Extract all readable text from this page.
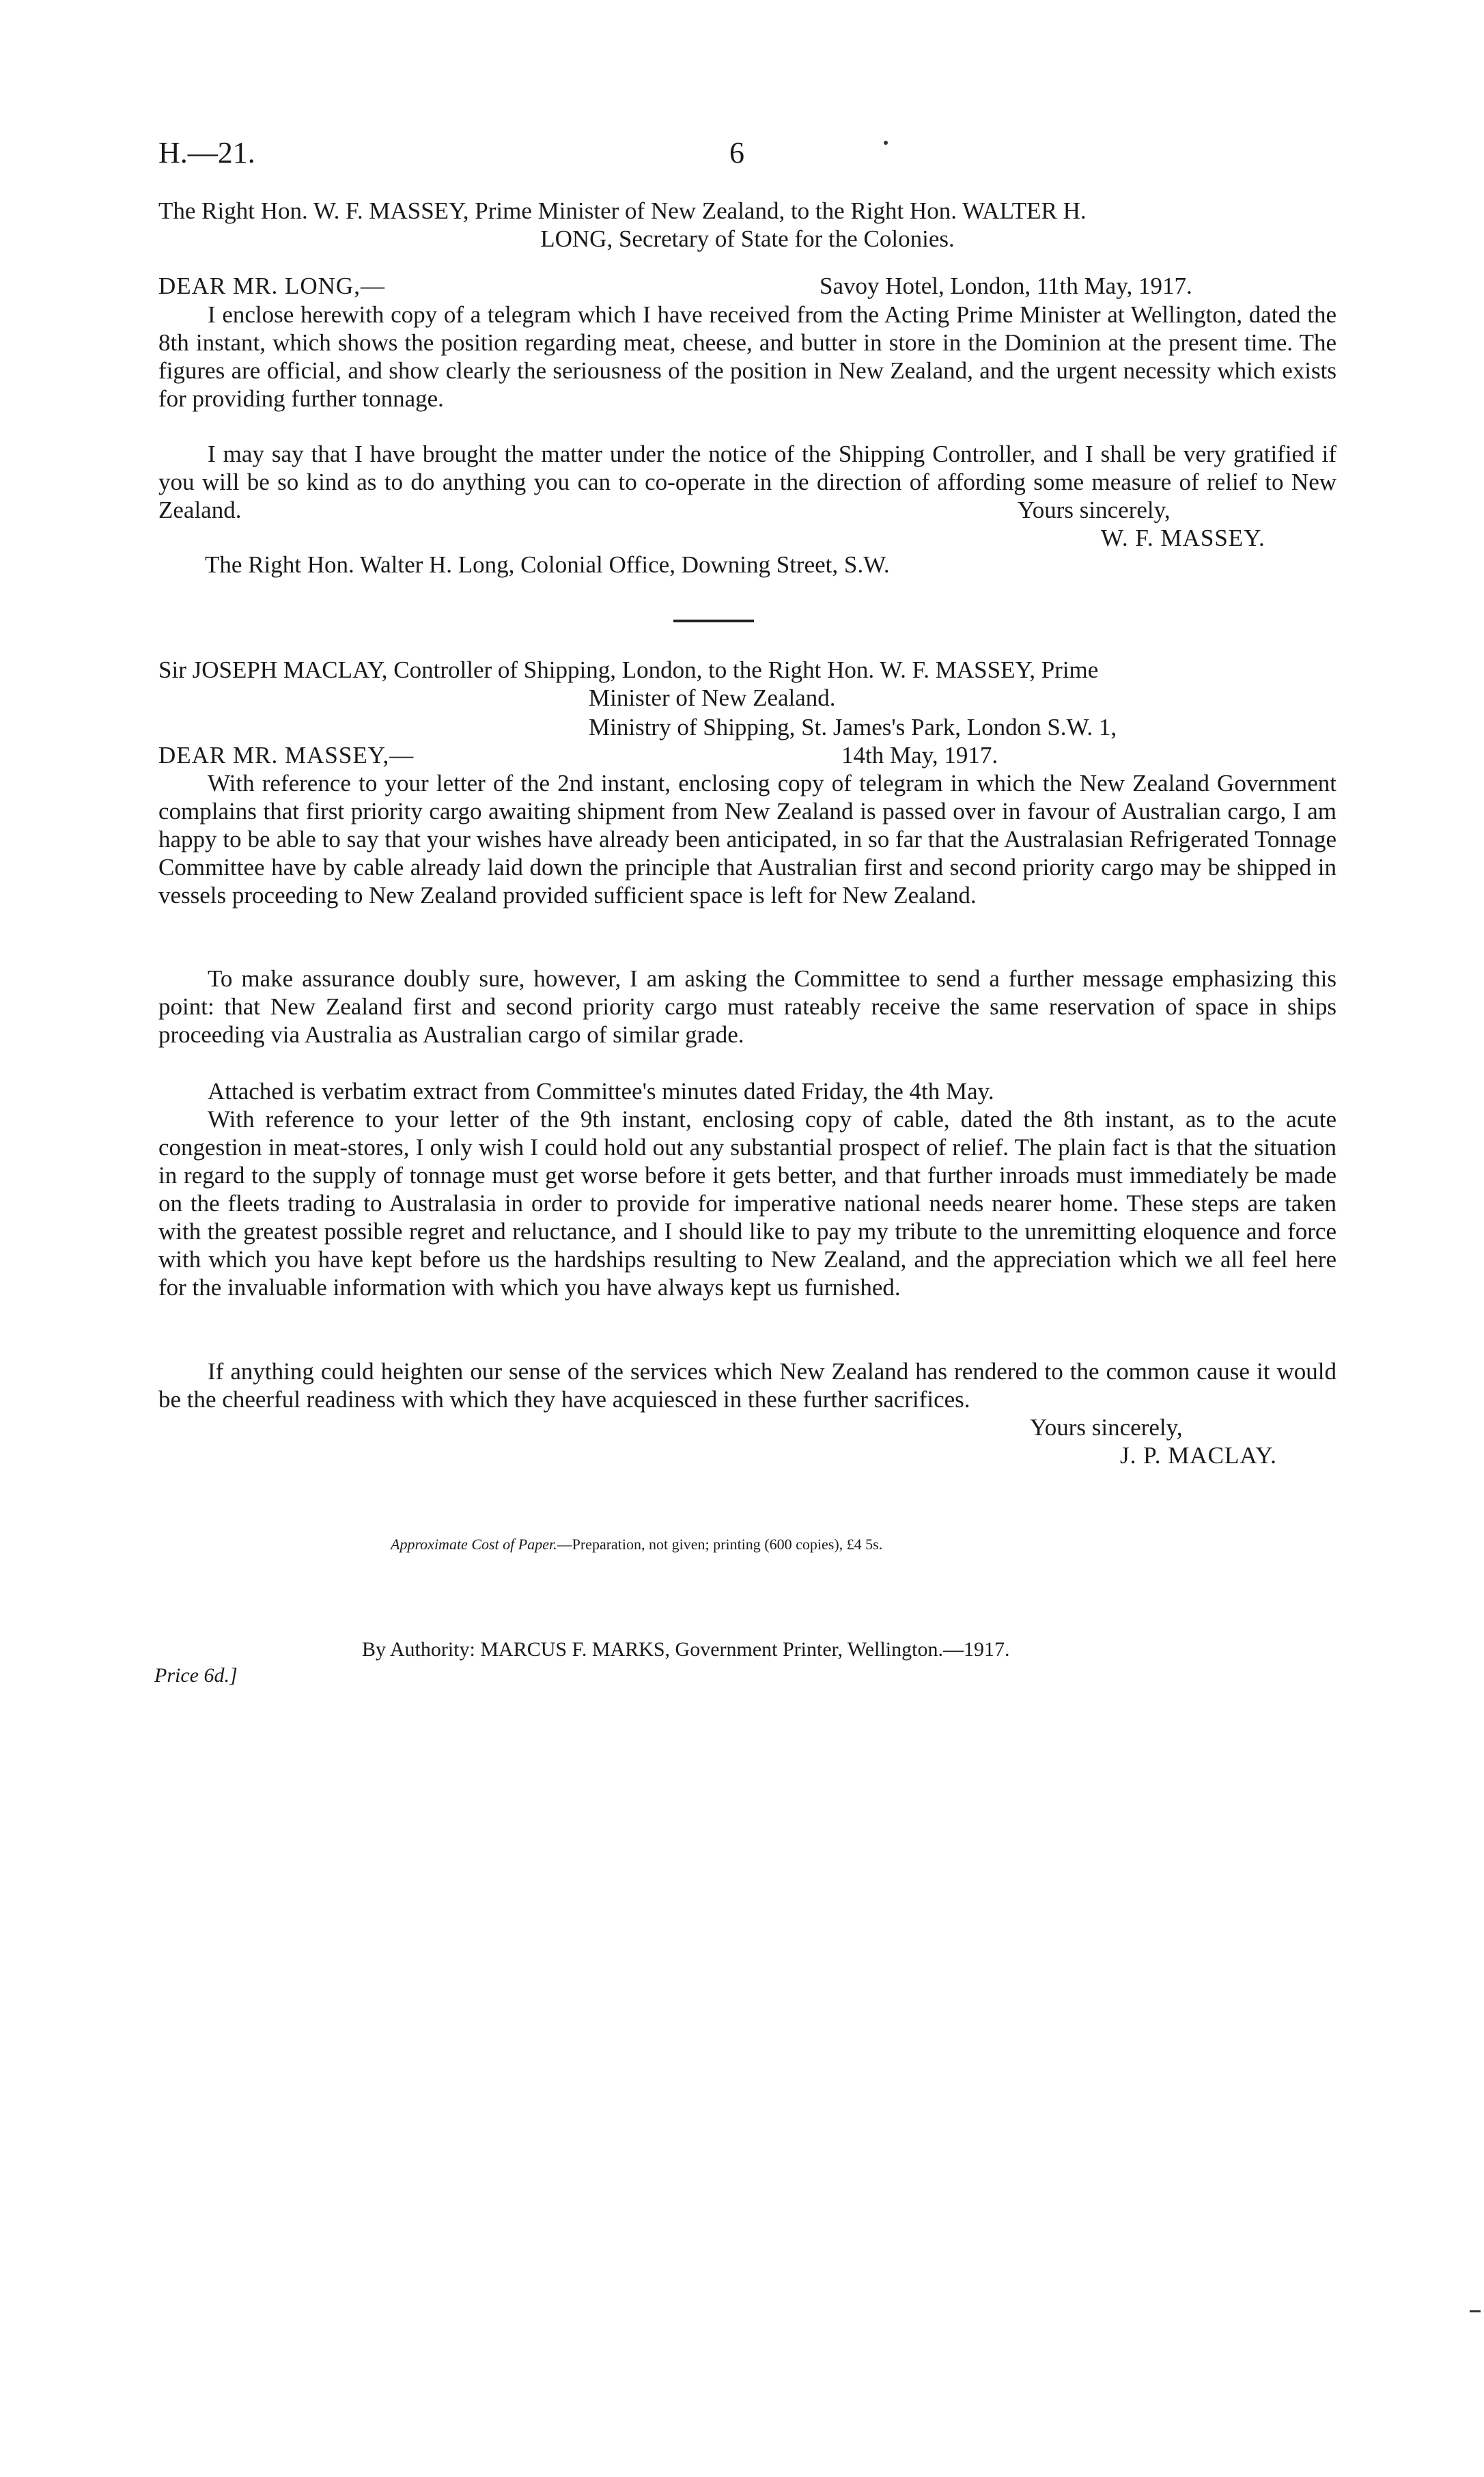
H.—21.	6
The Right Hon. W. F. MASSEY, Prime Minister of New Zealand, to the Right Hon. WALTER H.
LONG, Secretary of State for the Colonies.
DEAR MR. LONG,—	Savoy Hotel, London, 11th May, 1917.
I enclose herewith copy of a telegram which I have received from the Acting Prime Minister at Wellington, dated the 8th instant, which shows the position regarding meat, cheese, and butter in store in the Dominion at the present time. The figures are official, and show clearly the seriousness of the position in New Zealand, and the urgent necessity which exists for providing further tonnage.
I may say that I have brought the matter under the notice of the Shipping Controller, and I shall be very gratified if you will be so kind as to do anything you can to co-operate in the direction of affording some measure of relief to New Zealand.	Yours sincerely,
W. F. MASSEY.
The Right Hon. Walter H. Long, Colonial Office, Downing Street, S.W.
Sir JOSEPH MACLAY, Controller of Shipping, London, to the Right Hon. W. F. MASSEY, Prime
Minister of New Zealand.
Ministry of Shipping, St. James's Park, London S.W. 1,
DEAR MR. MASSEY,—	14th May, 1917.
With reference to your letter of the 2nd instant, enclosing copy of telegram in which the New Zealand Government complains that first priority cargo awaiting shipment from New Zealand is passed over in favour of Australian cargo, I am happy to be able to say that your wishes have already been anticipated, in so far that the Australasian Refrigerated Tonnage Committee have by cable already laid down the principle that Australian first and second priority cargo may be shipped in vessels proceeding to New Zealand provided sufficient space is left for New Zealand.
To make assurance doubly sure, however, I am asking the Committee to send a further message emphasizing this point: that New Zealand first and second priority cargo must rateably receive the same reservation of space in ships proceeding via Australia as Australian cargo of similar grade.
Attached is verbatim extract from Committee's minutes dated Friday, the 4th May.
With reference to your letter of the 9th instant, enclosing copy of cable, dated the 8th instant, as to the acute congestion in meat-stores, I only wish I could hold out any substantial prospect of relief. The plain fact is that the situation in regard to the supply of tonnage must get worse before it gets better, and that further inroads must immediately be made on the fleets trading to Australasia in order to provide for imperative national needs nearer home. These steps are taken with the greatest possible regret and reluctance, and I should like to pay my tribute to the unremitting eloquence and force with which you have kept before us the hardships resulting to New Zealand, and the appreciation which we all feel here for the invaluable information with which you have always kept us furnished.
If anything could heighten our sense of the services which New Zealand has rendered to the common cause it would be the cheerful readiness with which they have acquiesced in these further sacrifices.
Yours sincerely,
J. P. MACLAY.
Approximate Cost of Paper.—Preparation, not given; printing (600 copies), £4 5s.
By Authority: MARCUS F. MARKS, Government Printer, Wellington.—1917.
Price 6d.]
